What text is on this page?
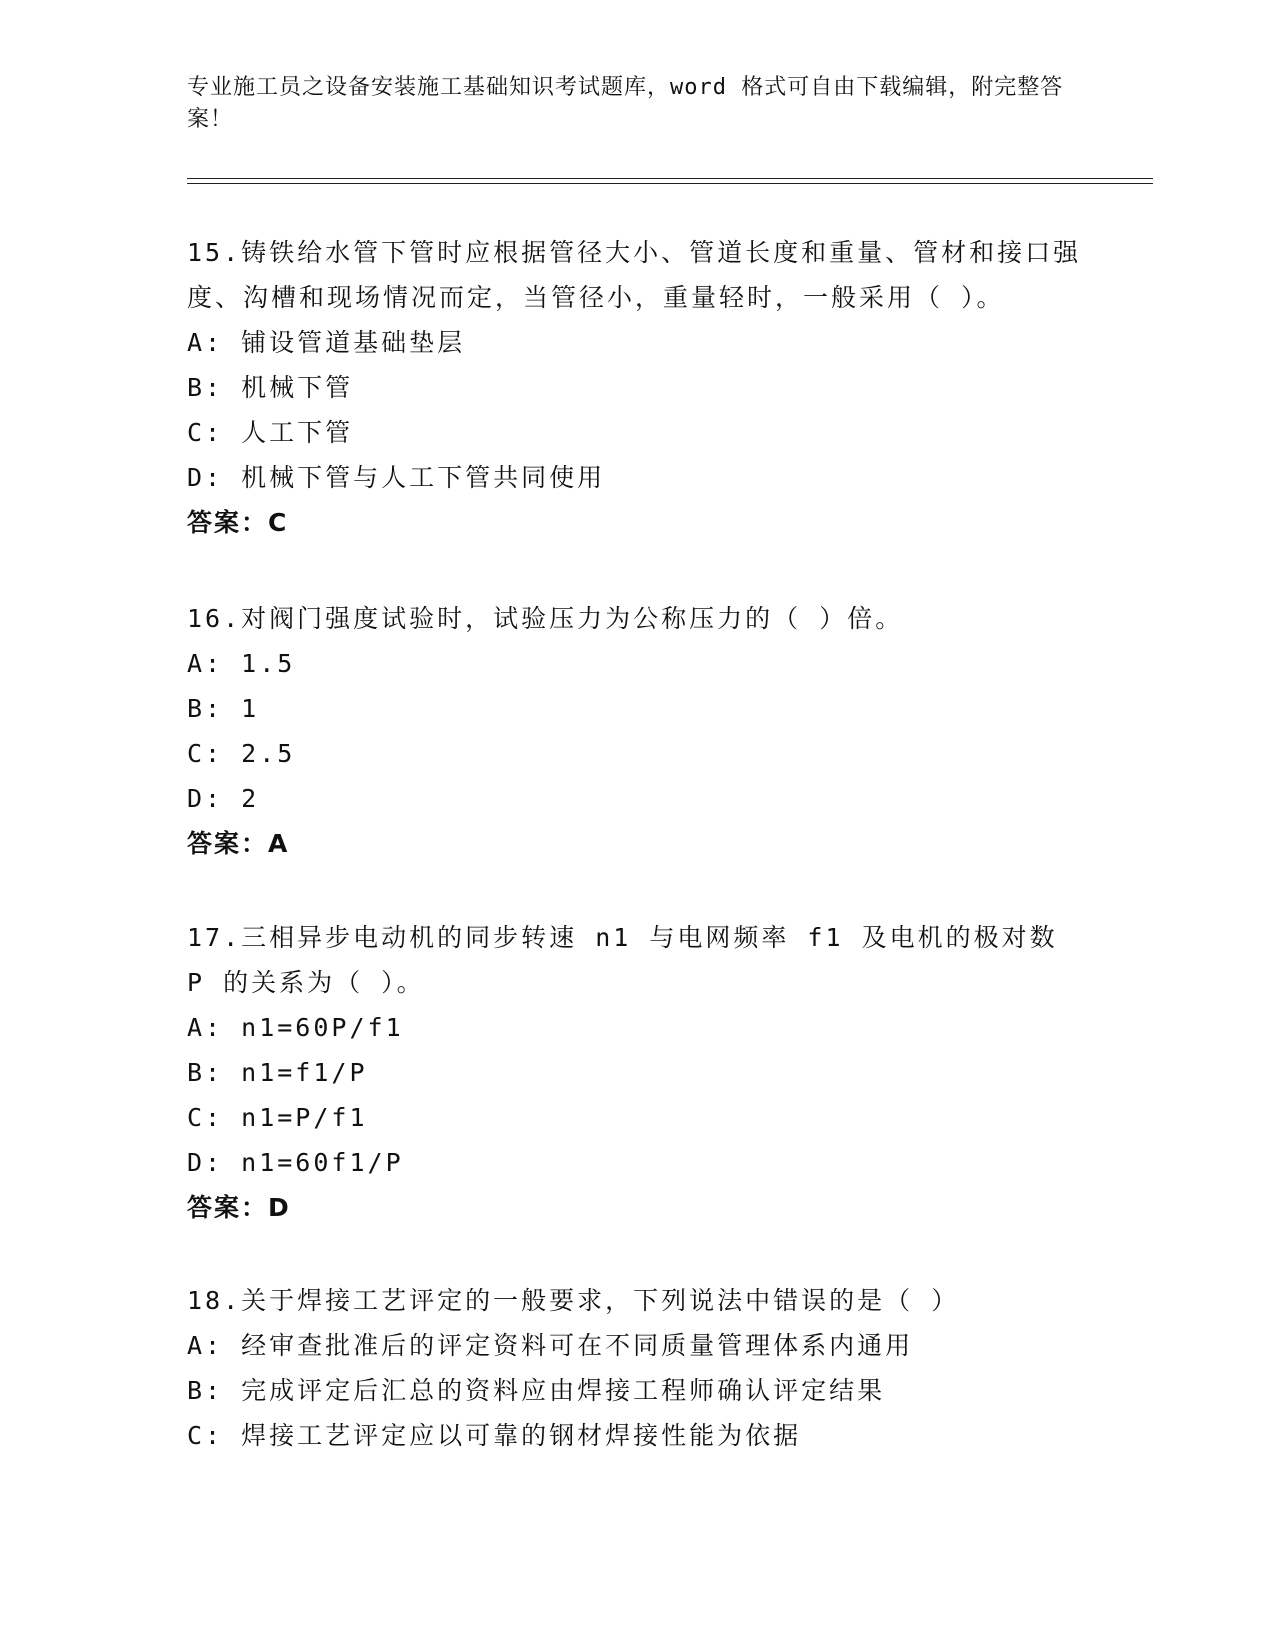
专业施工员之设备安装施工基础知识考试题库，word 格式可自由下载编辑，附完整答案！

15.铸铁给水管下管时应根据管径大小、管道长度和重量、管材和接口强度、沟槽和现场情况而定，当管径小，重量轻时，一般采用（ ）。

A: 铺设管道基础垫层

B: 机械下管

C: 人工下管

D: 机械下管与人工下管共同使用

答案：C

16.对阀门强度试验时，试验压力为公称压力的（ ）倍。

A: 1.5

B: 1

C: 2.5

D: 2

答案：A

17.三相异步电动机的同步转速 n1 与电网频率 f1 及电机的极对数 P 的关系为（ ）。

A: n1=60P/f1

B: n1=f1/P

C: n1=P/f1

D: n1=60f1/P

答案：D

18.关于焊接工艺评定的一般要求，下列说法中错误的是（ ）

A: 经审查批准后的评定资料可在不同质量管理体系内通用

B: 完成评定后汇总的资料应由焊接工程师确认评定结果

C: 焊接工艺评定应以可靠的钢材焊接性能为依据
